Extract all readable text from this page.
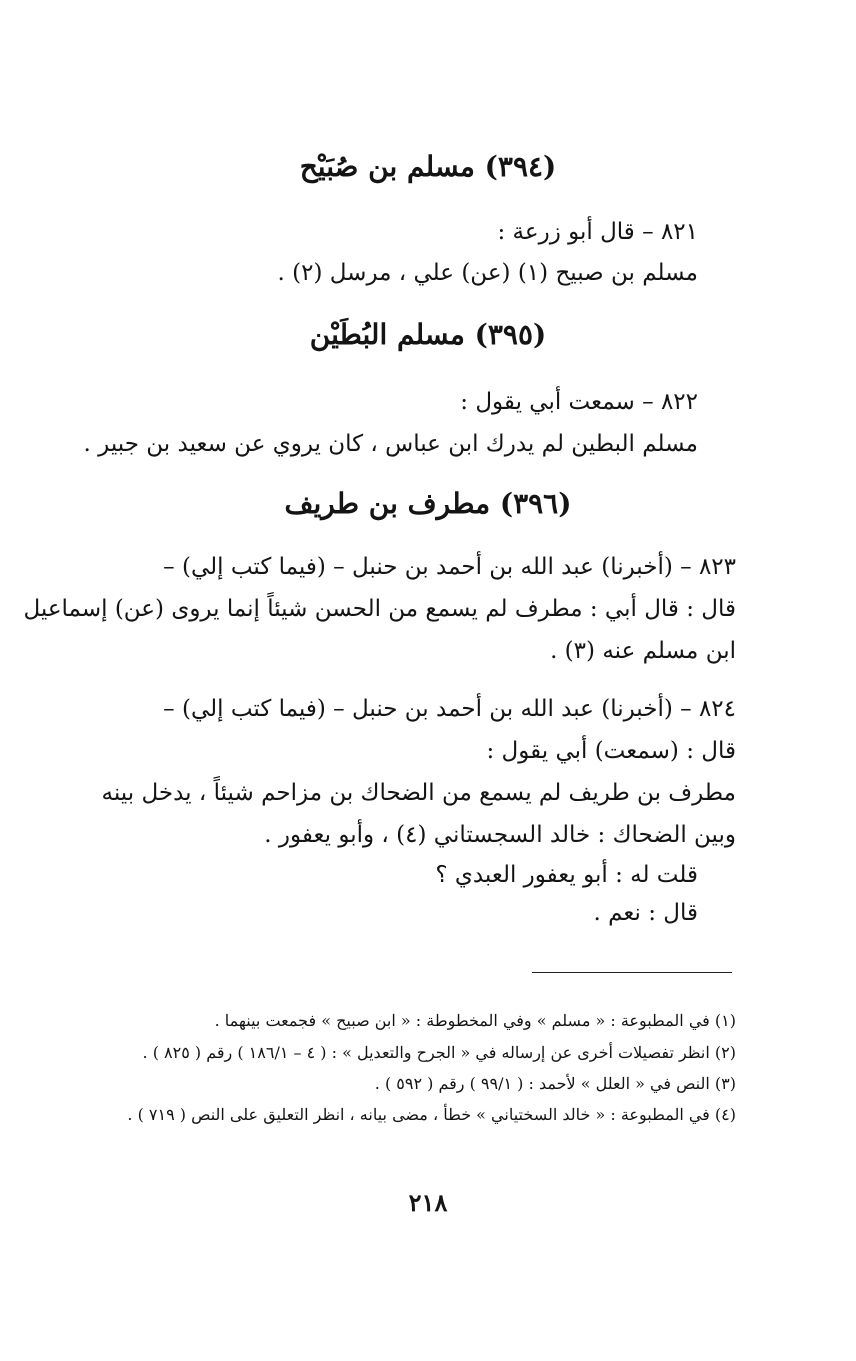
(٣٩٤) مسلم بن صُبَيْح
٨٢١ – قال أبو زرعة :
مسلم بن صبيح (١) (عن) علي ، مرسل (٢) .
(٣٩٥) مسلم البُطَيْن
٨٢٢ – سمعت أبي يقول :
مسلم البطين لم يدرك ابن عباس ، كان يروي عن سعيد بن جبير .
(٣٩٦) مطرف بن طريف
٨٢٣ – (أخبرنا) عبد الله بن أحمد بن حنبل – (فيما كتب إلي) –
قال : قال أبي : مطرف لم يسمع من الحسن شيئاً إنما يروى (عن) إسماعيل
ابن مسلم عنه (٣) .
٨٢٤ – (أخبرنا) عبد الله بن أحمد بن حنبل – (فيما كتب إلي) –
قال : (سمعت) أبي يقول :
مطرف بن طريف لم يسمع من الضحاك بن مزاحم شيئاً ، يدخل بينه
وبين الضحاك : خالد السجستاني (٤) ، وأبو يعفور .
قلت له : أبو يعفور العبدي ؟
قال : نعم .
(١) في المطبوعة : « مسلم » وفي المخطوطة : « ابن صبيح » فجمعت بينهما .
(٢) انظر تفصيلات أخرى عن إرساله في « الجرح والتعديل » : ( ٤ – ١٨٦/١ ) رقم ( ٨٢٥ ) .
(٣) النص في « العلل » لأحمد : ( ٩٩/١ ) رقم ( ٥٩٢ ) .
(٤) في المطبوعة : « خالد السختياني » خطأ ، مضى بيانه ، انظر التعليق على النص ( ٧١٩ ) .
٢١٨
